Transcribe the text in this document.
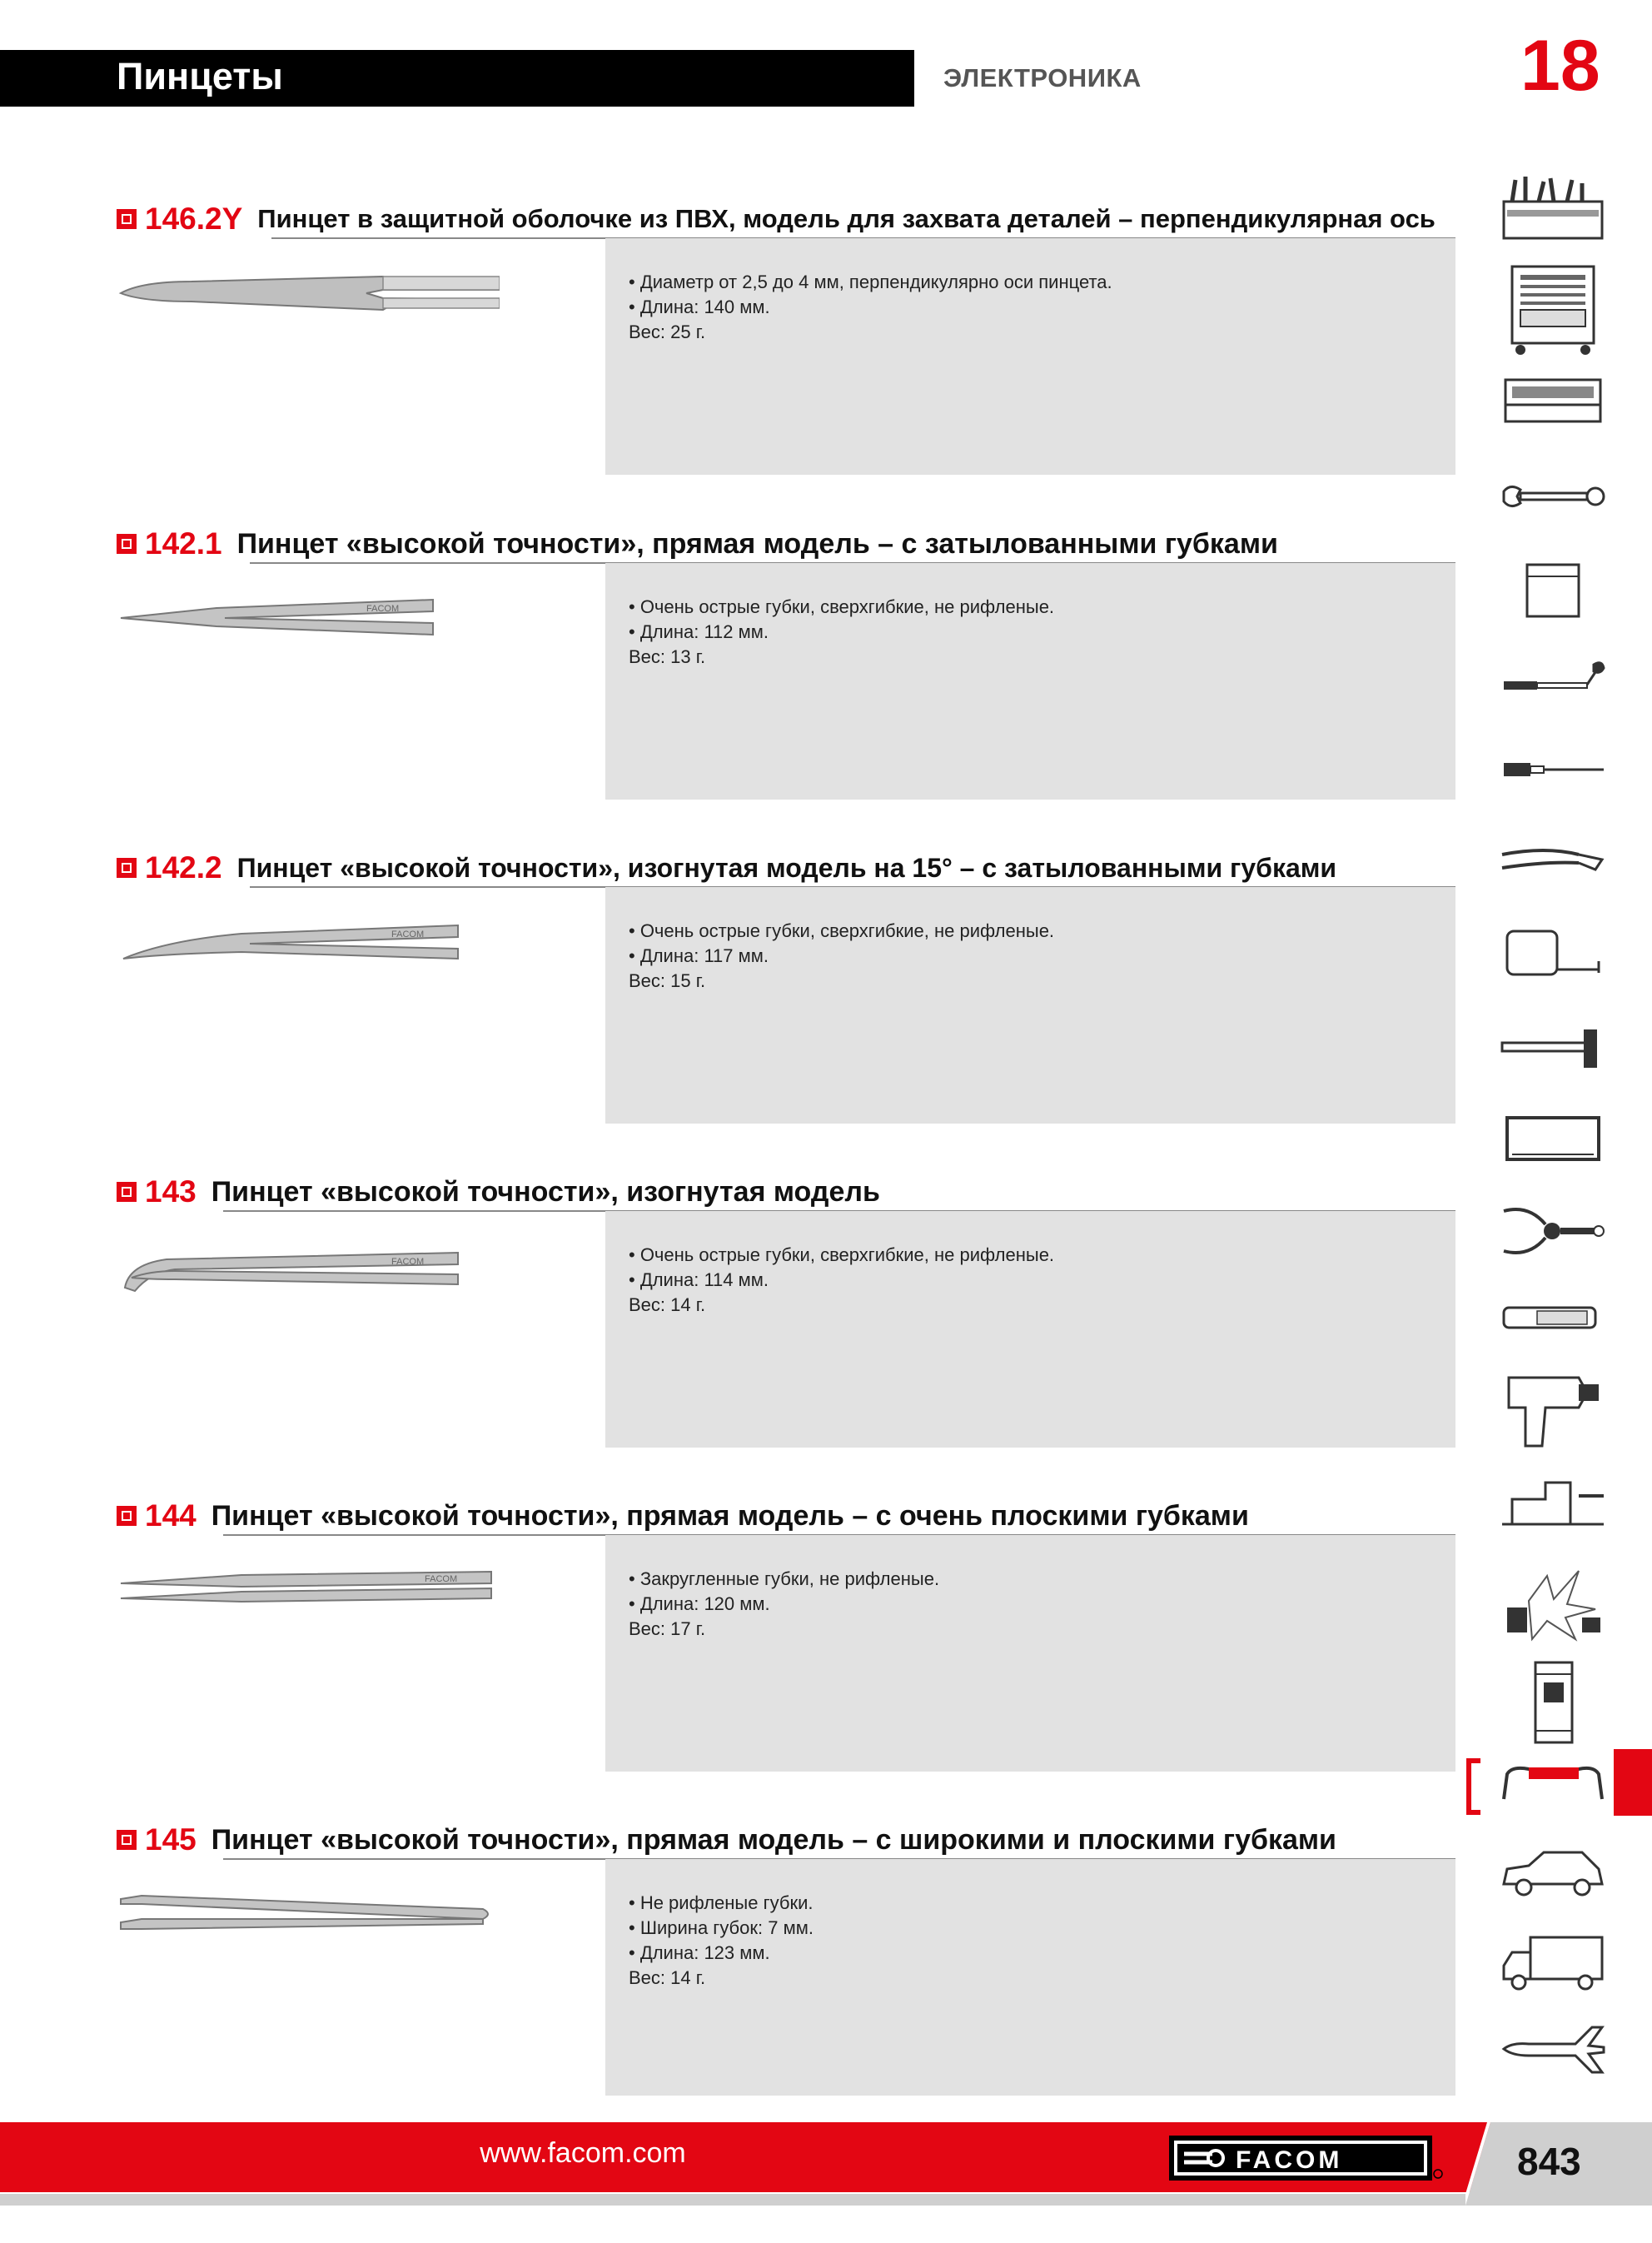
Пинцеты	ЭЛЕКТРОНИКА	18
146.2Y Пинцет в защитной оболочке из ПВХ, модель для захвата деталей – перпендикулярная ось
• Диаметр от 2,5 до 4 мм, перпендикулярно оси пинцета.
• Длина: 140 мм.
Вес: 25 г.
142.1 Пинцет «высокой точности», прямая модель – с затылованными губками
• Очень острые губки, сверхгибкие, не рифленые.
• Длина: 112 мм.
Вес: 13 г.
FACOM
142.2 Пинцет «высокой точности», изогнутая модель на 15° – с затылованными губками
• Очень острые губки, сверхгибкие, не рифленые.
• Длина: 117 мм.
Вес: 15 г.
FACOM
143 Пинцет «высокой точности», изогнутая модель
• Очень острые губки, сверхгибкие, не рифленые.
• Длина: 114 мм.
Вес: 14 г.
FACOM
144 Пинцет «высокой точности», прямая модель – с очень плоскими губками
• Закругленные губки, не рифленые.
• Длина: 120 мм.
Вес: 17 г.
FACOM
145 Пинцет «высокой точности», прямая модель – с широкими и плоскими губками
• Не рифленые губки.
• Ширина губок: 7 мм.
• Длина: 123 мм.
Вес: 14 г.
www.facom.com	FACOM	843
